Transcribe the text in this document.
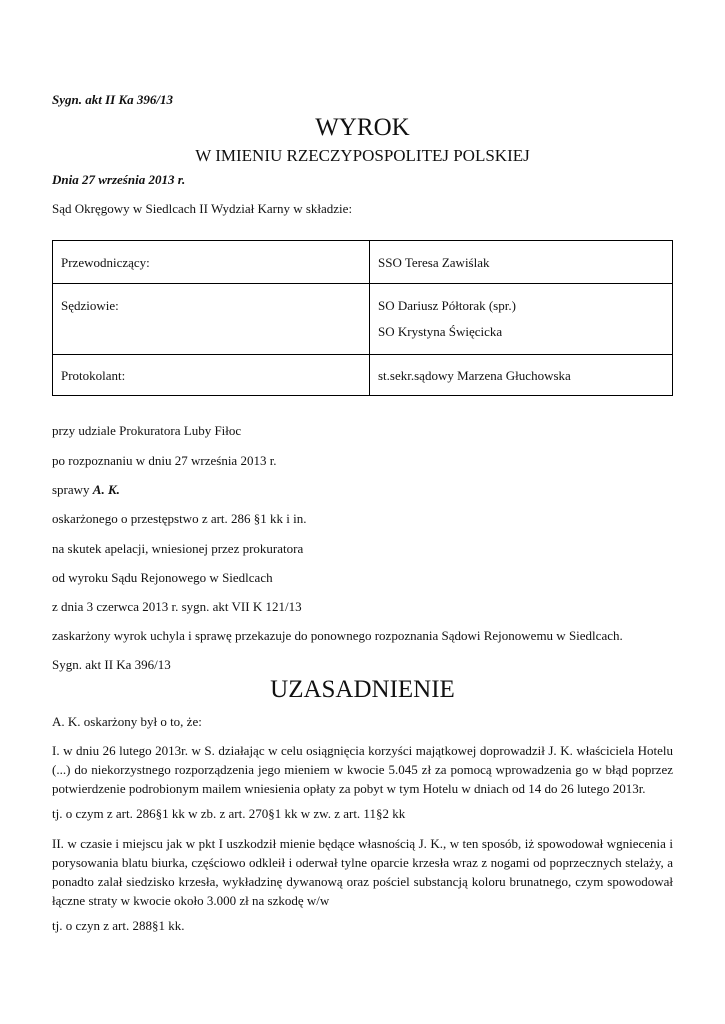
Sygn. akt II Ka 396/13
WYROK
W IMIENIU RZECZYPOSPOLITEJ POLSKIEJ
Dnia 27 września 2013 r.
Sąd Okręgowy w Siedlcach II Wydział Karny w składzie:
Przewodniczący:	SSO Teresa Zawiślak

Sędziowie:	SO Dariusz Półtorak (spr.)
SO Krystyna Święcicka

Protokolant:	st.sekr.sądowy Marzena Głuchowska
przy udziale Prokuratora Luby Fiłoc
po rozpoznaniu w dniu 27 września 2013 r.
sprawy A. K.
oskarżonego o przestępstwo z art. 286 §1 kk i in.
na skutek apelacji, wniesionej przez prokuratora
od wyroku Sądu Rejonowego w Siedlcach
z dnia 3 czerwca 2013 r. sygn. akt VII K 121/13
zaskarżony wyrok uchyla i sprawę przekazuje do ponownego rozpoznania Sądowi Rejonowemu w Siedlcach.
Sygn. akt II Ka 396/13
UZASADNIENIE
A. K. oskarżony był o to, że:
I. w dniu 26 lutego 2013r. w S. działając w celu osiągnięcia korzyści majątkowej doprowadził J. K. właściciela Hotelu (...) do niekorzystnego rozporządzenia jego mieniem w kwocie 5.045 zł za pomocą wprowadzenia go w błąd poprzez potwierdzenie podrobionym mailem wniesienia opłaty za pobyt w tym Hotelu w dniach od 14 do 26 lutego 2013r.
tj. o czym z art. 286§1 kk w zb. z art. 270§1 kk w zw. z art. 11§2 kk
II. w czasie i miejscu jak w pkt I uszkodził mienie będące własnością J. K., w ten sposób, iż spowodował wgniecenia i porysowania blatu biurka, częściowo odkleił i oderwał tylne oparcie krzesła wraz z nogami od poprzecznych stelaży, a ponadto zalał siedzisko krzesła, wykładzinę dywanową oraz pościel substancją koloru brunatnego, czym spowodował łączne straty w kwocie około 3.000 zł na szkodę w/w
tj. o czyn z art. 288§1 kk.
